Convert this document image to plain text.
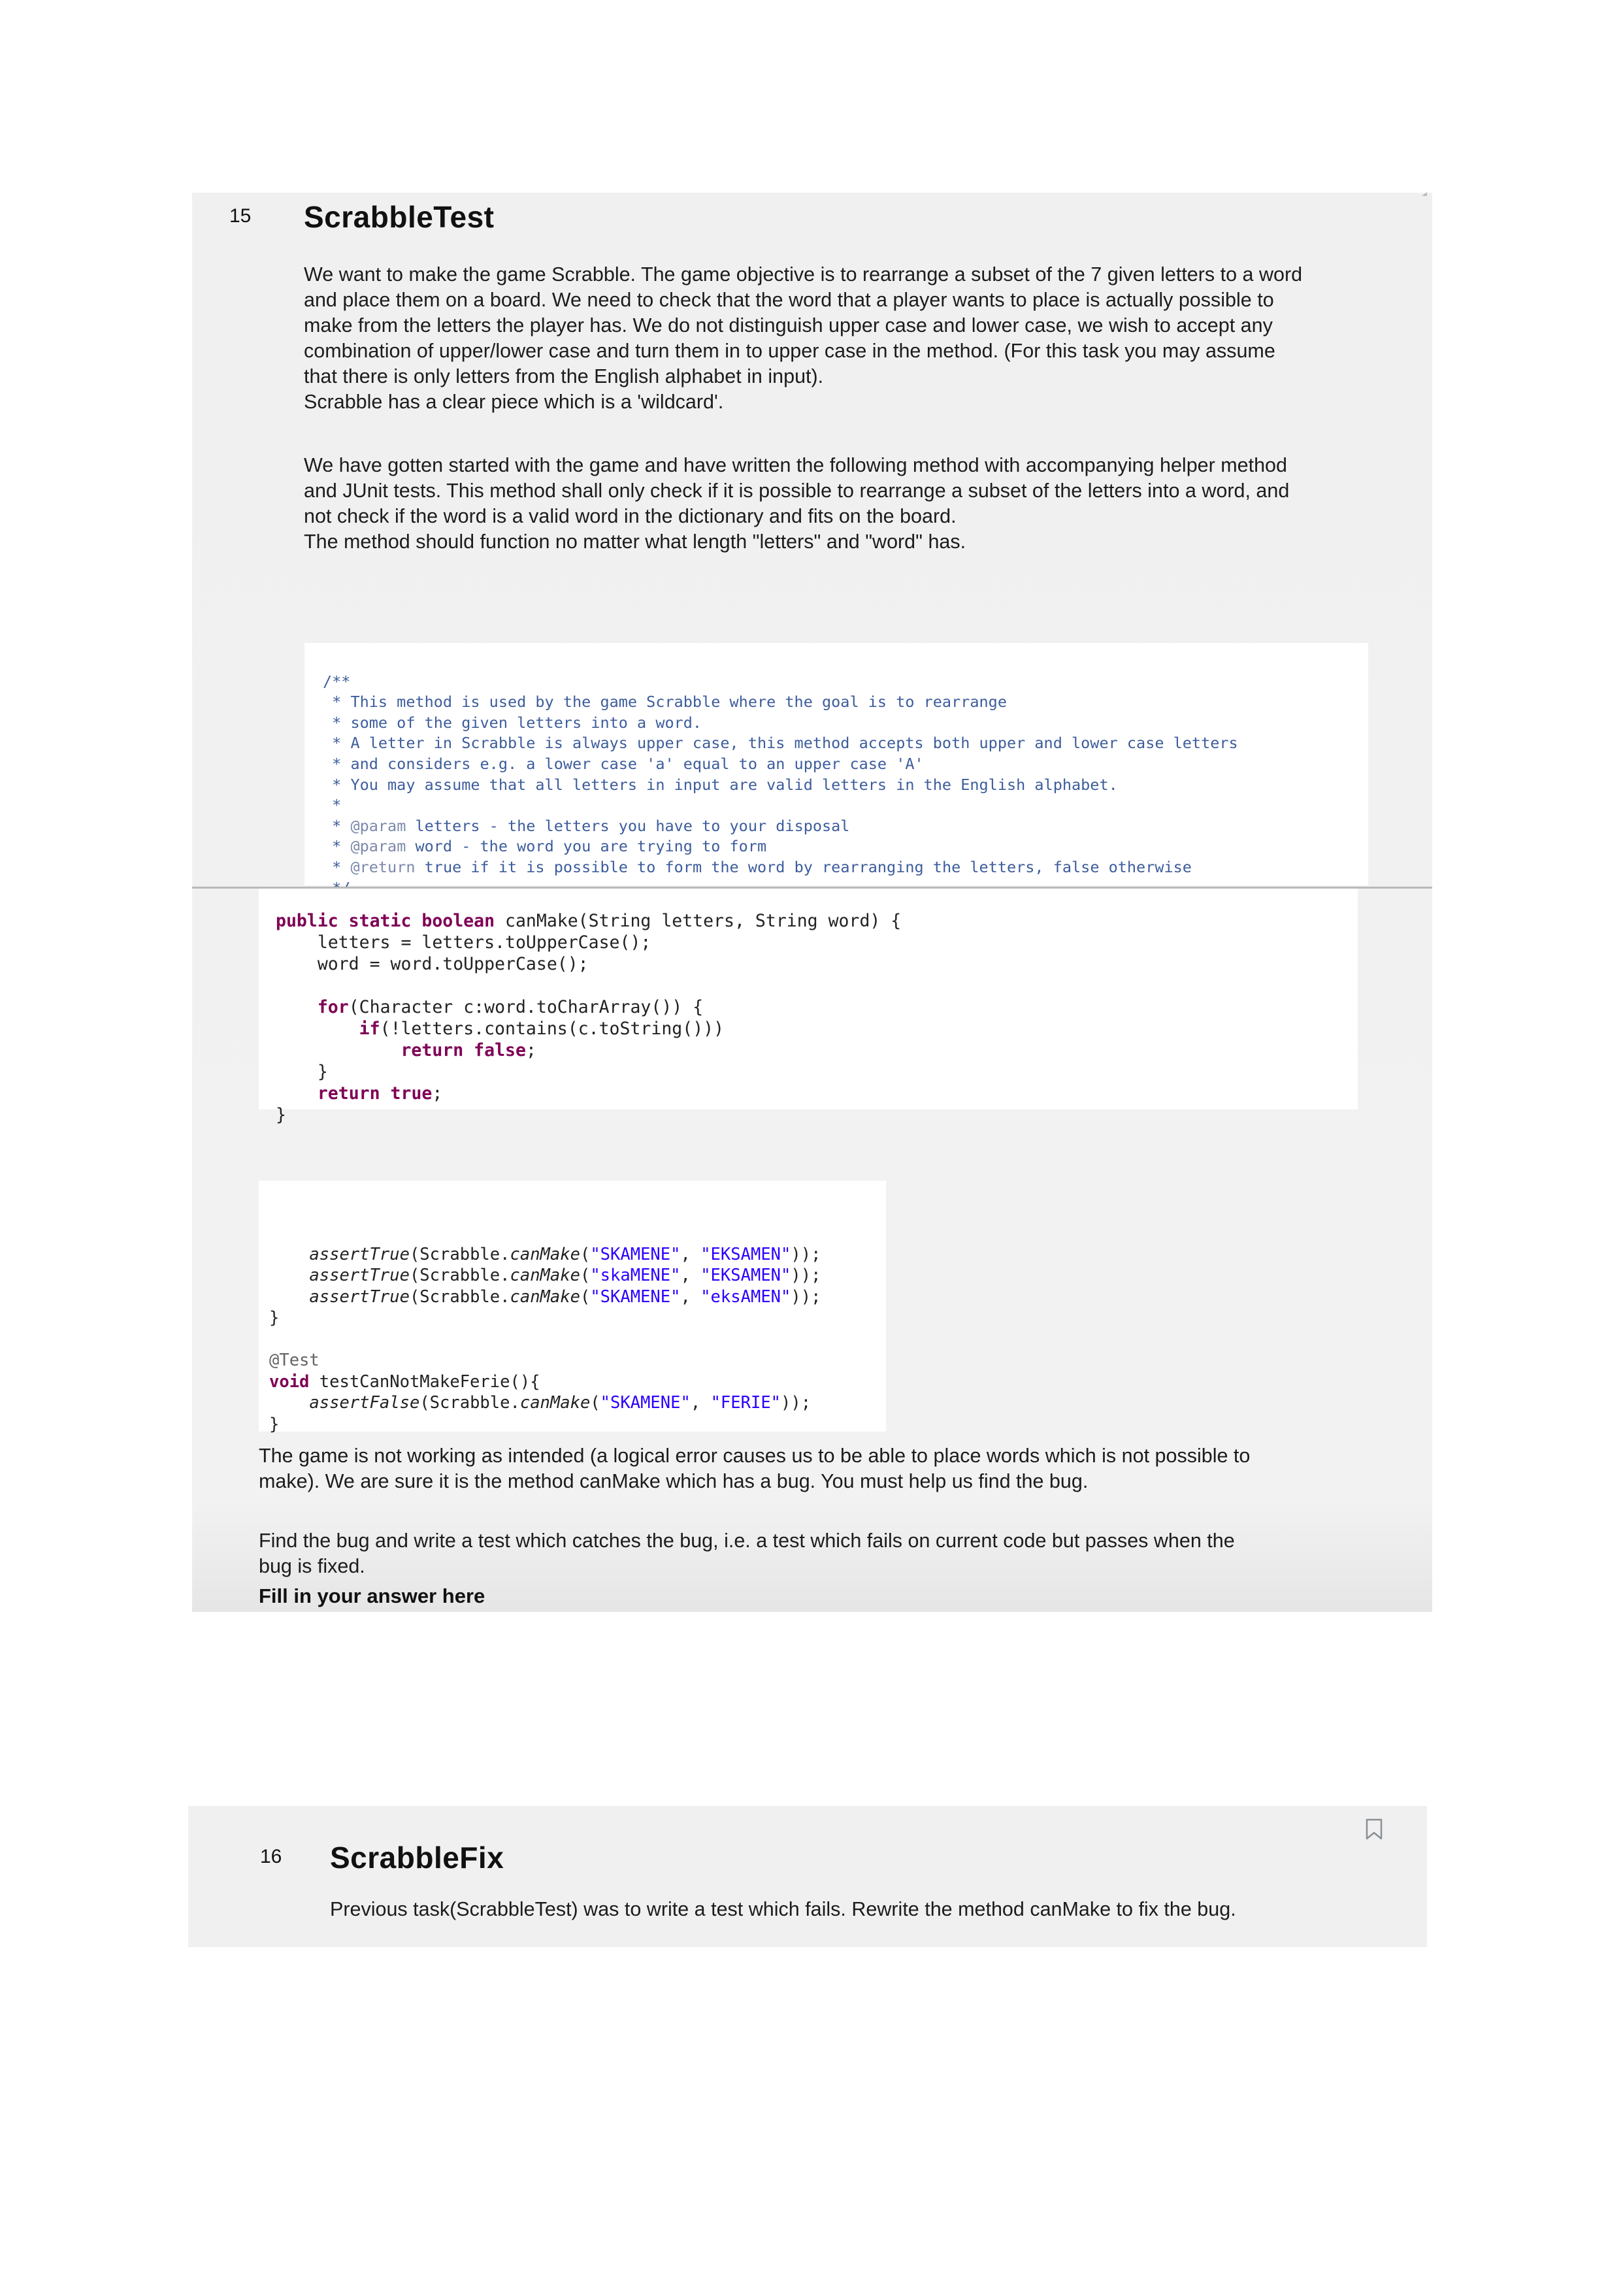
15 ScrabbleTest

We want to make the game Scrabble. The game objective is to rearrange a subset of the 7 given letters to a word

and place them on a board. We need to check that the word that a player wants to place is actually possible to

make from the letters the player has. We do not distinguish upper case and lower case, we wish to accept any

combination of upper/lower case and turn them in to upper case in the method. (For this task you may assume

that there is only letters from the English alphabet in input).

Scrabble has a clear piece which is a 'wildcard'.

We have gotten started with the game and have written the following method with accompanying helper method

and JUnit tests. This method shall only check if it is possible to rearrange a subset of the letters into a word, and

not check if the word is a valid word in the dictionary and fits on the board.

The method should function no matter what length "letters" and "word" has.

/**
* This method is used by the game Scrabble where the goal is to rearrange
* some of the given letters into a word.
* A letter in Scrabble is always upper case, this method accepts both upper and lower case letters
* and considers e.g. a lower case 'a' equal to an upper case 'A'
* You may assume that all letters in input are valid letters in the English alphabet.
*
* @param letters - the letters you have to your disposal
* @param word - the word you are trying to form
* @return true if it is possible to form the word by rearranging the letters, false otherwise

public static boolean canMake(String letters, String word) {
letters = letters.toUpperCase();
word = word.toUpperCase();

for(Character c:word.toCharArray()) {
if(!letters.contains(c.toString()))
return false;
}
return true;
}

assertTrue(Scrabble.canMake("SKAMENE", "EKSAMEN"));
assertTrue(Scrabble.canMake("skaMENE", "EKSAMEN"));
assertTrue(Scrabble.canMake("SKAMENE", "eksAMEN"));
}

@Test
void testCanNotMakeFerie(){
assertFalse(Scrabble.canMake("SKAMENE", "FERIE"));
}

The game is not working as intended (a logical error causes us to be able to place words which is not possible to

make). We are sure it is the method canMake which has a bug. You must help us find the bug.

Find the bug and write a test which catches the bug, i.e. a test which fails on current code but passes when the

bug is fixed.

Fill in your answer here
16 ScrabbleFix
Previous task(ScrabbleTest) was to write a test which fails. Rewrite the method canMake to fix the bug.
